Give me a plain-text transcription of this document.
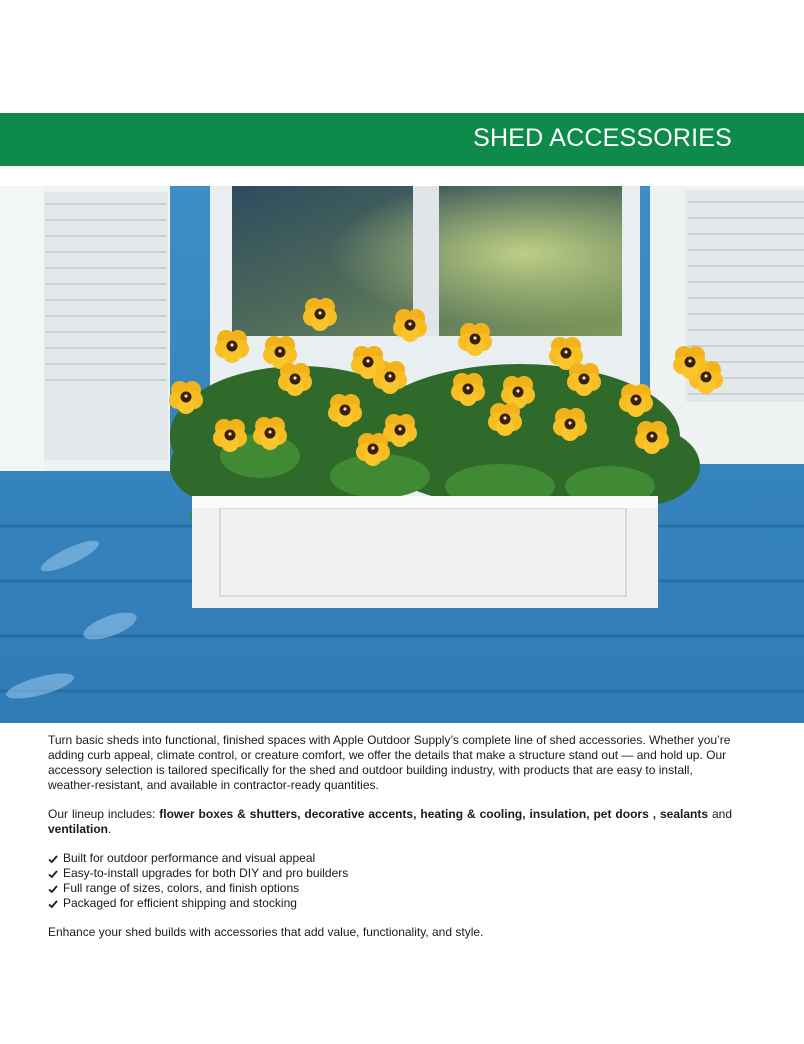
SHED ACCESSORIES

Turn basic sheds into functional, finished spaces with Apple Outdoor Supply’s complete line of shed accessories. Whether you’re adding curb appeal, climate control, or creature comfort, we offer the details that make a structure stand out — and hold up. Our accessory selection is tailored specifically for the shed and outdoor building industry, with products that are easy to install, weather-resistant, and available in contractor-ready quantities.

Our lineup includes: flower boxes & shutters, decorative accents, heating & cooling, insulation, pet doors , sealants and ventilation.

Built for outdoor performance and visual appeal
Easy-to-install upgrades for both DIY and pro builders
Full range of sizes, colors, and finish options
Packaged for efficient shipping and stocking

Enhance your shed builds with accessories that add value, functionality, and style.
